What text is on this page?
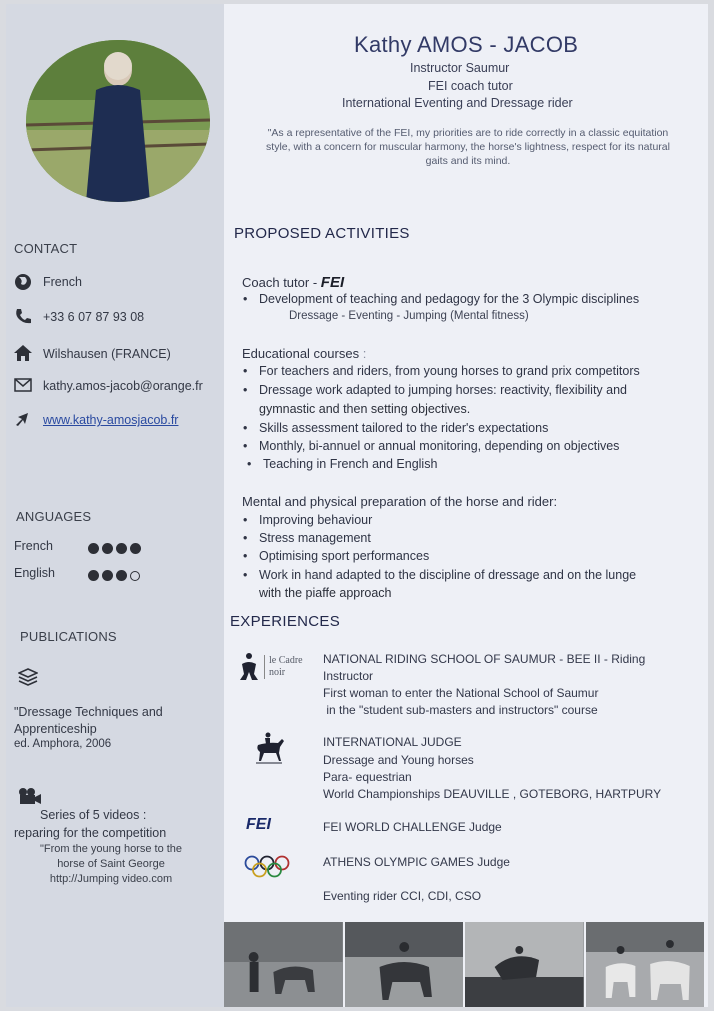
Kathy AMOS - JACOB
Instructor Saumur
FEI coach tutor
International Eventing and Dressage rider
"As a representative of the FEI, my priorities are to ride correctly in a classic equitation style, with a concern for muscular harmony, the horse's lightness, respect for its natural gaits and its mind.
CONTACT
French
+33 6 07 87 93 08
Wilshausen (FRANCE)
kathy.amos-jacob@orange.fr
www.kathy-amosjacob.fr
ANGUAGES
French
English
PUBLICATIONS
"Dressage Techniques and
Apprenticeship
ed. Amphora, 2006
Series of 5 videos :
reparing for the competition
"From the young horse to the
horse of Saint George
http://Jumping video.com
PROPOSED ACTIVITIES
Coach tutor - FEI
• Development of teaching and pedagogy for the 3 Olympic disciplines
Dressage - Eventing - Jumping (Mental fitness)
Educational courses :
• For teachers and riders, from young horses to grand prix competitors
• Dressage work adapted to jumping horses: reactivity, flexibility and
gymnastic and then setting objectives.
• Skills assessment tailored to the rider's expectations
• Monthly, bi-annuel or annual monitoring, depending on objectives
• Teaching in French and English
Mental and physical preparation of the horse and rider:
• Improving behaviour
• Stress management
• Optimising sport performances
• Work in hand adapted to the discipline of dressage and on the lunge
with the piaffe approach
EXPERIENCES
le Cadre
noir
NATIONAL RIDING SCHOOL OF SAUMUR - BEE II - Riding
Instructor
First woman to enter the National School of Saumur
in the "student sub-masters and instructors" course
INTERNATIONAL JUDGE
Dressage and Young horses
Para- equestrian
World Championships DEAUVILLE , GOTEBORG, HARTPURY
FEI	FEI WORLD CHALLENGE Judge
ATHENS OLYMPIC GAMES Judge
Eventing rider CCI, CDI, CSO
